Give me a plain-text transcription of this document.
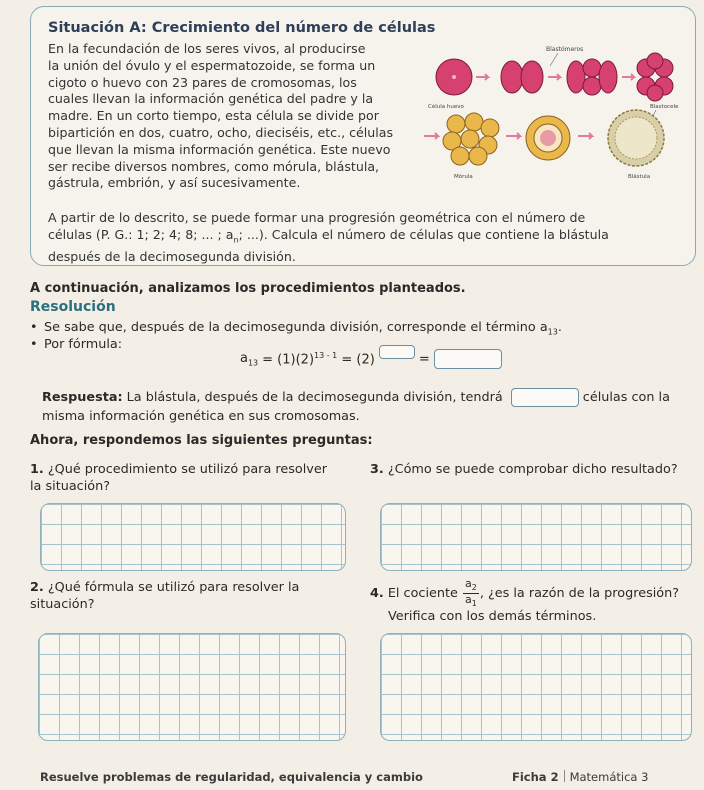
Situación A: Crecimiento del número de células

En la fecundación de los seres vivos, al producirse

la unión del óvulo y el espermatozoide, se forma un

cigoto o huevo con 23 pares de cromosomas, los

cuales llevan la información genética del padre y la

madre. En un corto tiempo, esta célula se divide por

bipartición en dos, cuatro, ocho, dieciséis, etc., células

que llevan la misma información genética. Este nuevo

ser recibe diversos nombres, como mórula, blástula,

gástrula, embrión, y así sucesivamente.

A partir de lo descrito, se puede formar una progresión geométrica con el número de
células (P. G.: 1; 2; 4; 8; ... ; $a_n$; ...). Calcula el número de células que contiene la blástula
después de la decimosegunda división.
Blastómeros
Célula huevo	Blastocele
Mórula	Blástula
A continuación, analizamos los procedimientos planteados.
Resolución
• Se sabe que, después de la decimosegunda división, corresponde el término $a_{13}$.
• Por fórmula:
$a_{13} = (1)(2)^{13 - 1} = (2)$	=
Respuesta: La blástula, después de la decimosegunda división, tendrá	células con la
misma información genética en sus cromosomas.
Ahora, respondemos las siguientes preguntas:
1. ¿Qué procedimiento se utilizó para resolver la situación?
3. ¿Cómo se puede comprobar dicho resultado?
2. ¿Qué fórmula se utilizó para resolver la situación?
4. El cociente $\frac{a_2}{a_1}$ , ¿es la razón de la progresión?
Verifica con los demás términos.
Resuelve problemas de regularidad, equivalencia y cambio	Ficha 2 Matemática 3
